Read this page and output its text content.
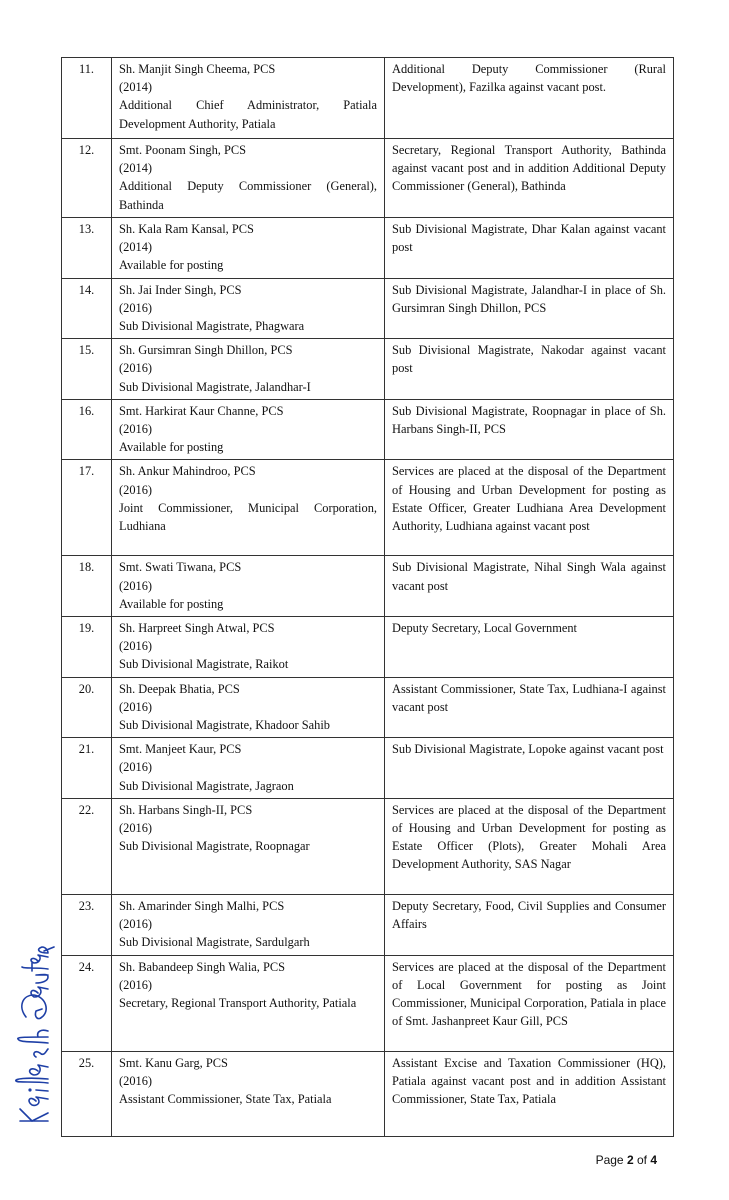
11.	Sh. Manjit Singh Cheema, PCS
(2014)
Additional Chief Administrator, Patiala Development Authority, Patiala	Additional Deputy Commissioner (Rural Development), Fazilka against vacant post.

12.	Smt. Poonam Singh, PCS
(2014)
Additional Deputy Commissioner (General), Bathinda	Secretary, Regional Transport Authority, Bathinda against vacant post and in addition Additional Deputy Commissioner (General), Bathinda

13.	Sh. Kala Ram Kansal, PCS
(2014)
Available for posting	Sub Divisional Magistrate, Dhar Kalan against vacant post

14.	Sh. Jai Inder Singh, PCS
(2016)
Sub Divisional Magistrate, Phagwara	Sub Divisional Magistrate, Jalandhar-I in place of Sh. Gursimran Singh Dhillon, PCS

15.	Sh. Gursimran Singh Dhillon, PCS
(2016)
Sub Divisional Magistrate, Jalandhar-I	Sub Divisional Magistrate, Nakodar against vacant post

16.	Smt. Harkirat Kaur Channe, PCS
(2016)
Available for posting	Sub Divisional Magistrate, Roopnagar in place of Sh. Harbans Singh-II, PCS

17.	Sh. Ankur Mahindroo, PCS
(2016)
Joint Commissioner, Municipal Corporation, Ludhiana	Services are placed at the disposal of the Department of Housing and Urban Development for posting as Estate Officer, Greater Ludhiana Area Development Authority, Ludhiana against vacant post

18.	Smt. Swati Tiwana, PCS
(2016)
Available for posting	Sub Divisional Magistrate, Nihal Singh Wala against vacant post

19.	Sh. Harpreet Singh Atwal, PCS
(2016)
Sub Divisional Magistrate, Raikot	Deputy Secretary, Local Government

20.	Sh. Deepak Bhatia, PCS
(2016)
Sub Divisional Magistrate, Khadoor Sahib	Assistant Commissioner, State Tax, Ludhiana-I against vacant post

21.	Smt. Manjeet Kaur, PCS
(2016)
Sub Divisional Magistrate, Jagraon	Sub Divisional Magistrate, Lopoke against vacant post

22.	Sh. Harbans Singh-II, PCS
(2016)
Sub Divisional Magistrate, Roopnagar	Services are placed at the disposal of the Department of Housing and Urban Development for posting as Estate Officer (Plots), Greater Mohali Area Development Authority, SAS Nagar

23.	Sh. Amarinder Singh Malhi, PCS
(2016)
Sub Divisional Magistrate, Sardulgarh	Deputy Secretary, Food, Civil Supplies and Consumer Affairs

24.	Sh. Babandeep Singh Walia, PCS
(2016)
Secretary, Regional Transport Authority, Patiala	Services are placed at the disposal of the Department of Local Government for posting as Joint Commissioner, Municipal Corporation, Patiala in place of Smt. Jashanpreet Kaur Gill, PCS

25.	Smt. Kanu Garg, PCS
(2016)
Assistant Commissioner, State Tax, Patiala	Assistant Excise and Taxation Commissioner (HQ), Patiala against vacant post and in addition Assistant Commissioner, State Tax, Patiala
Page 2 of 4
